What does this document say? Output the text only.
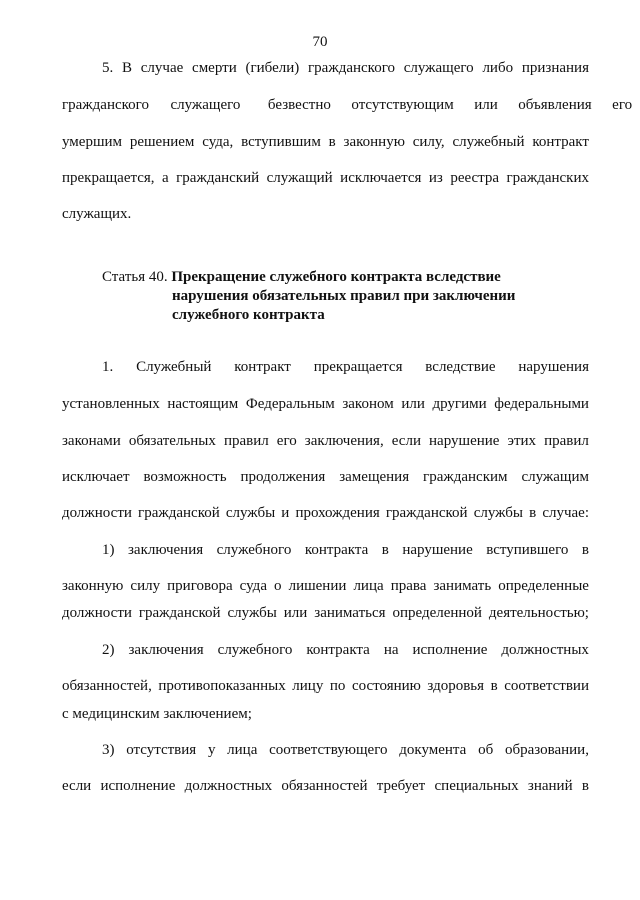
70
5. В случае смерти (гибели) гражданского служащего либо признания
гражданского служащего безвестно отсутствующим или объявления его
умершим решением суда, вступившим в законную силу, служебный контракт
прекращается, а гражданский служащий исключается из реестра гражданских
служащих.
Статья 40. Прекращение служебного контракта вследствие
нарушения обязательных правил при заключении
служебного контракта
1. Служебный контракт прекращается вследствие нарушения
установленных настоящим Федеральным законом или другими федеральными
законами обязательных правил его заключения, если нарушение этих правил
исключает возможность продолжения замещения гражданским служащим
должности гражданской службы и прохождения гражданской службы в случае:
1) заключения служебного контракта в нарушение вступившего в
законную силу приговора суда о лишении лица права занимать определенные
должности гражданской службы или заниматься определенной деятельностью;
2) заключения служебного контракта на исполнение должностных
обязанностей, противопоказанных лицу по состоянию здоровья в соответствии
с медицинским заключением;
3) отсутствия у лица соответствующего документа об образовании,
если исполнение должностных обязанностей требует специальных знаний в
